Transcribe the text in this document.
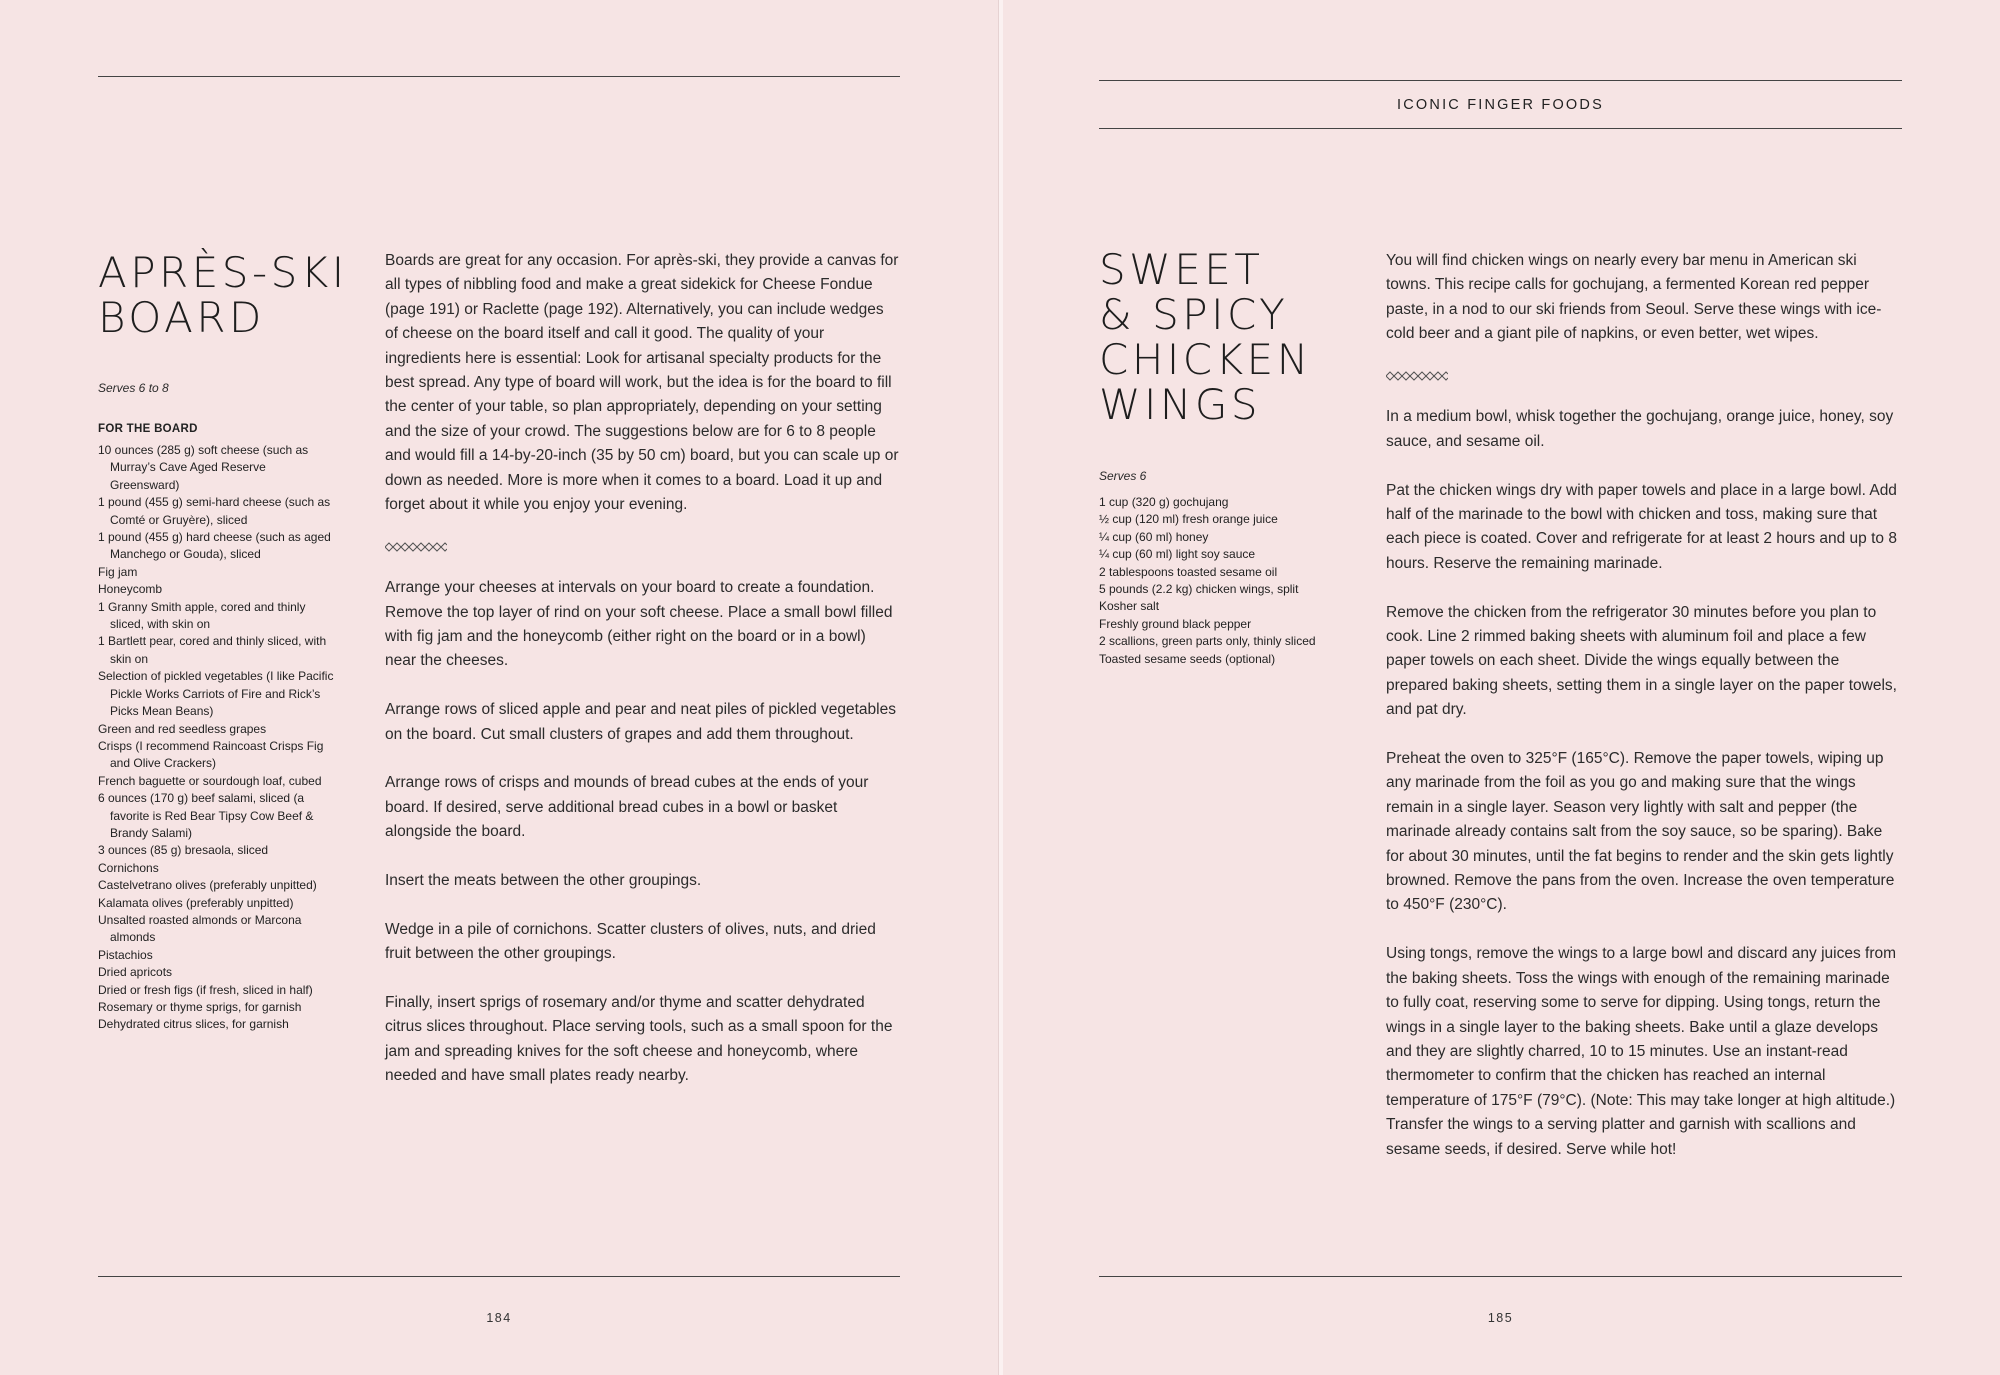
APRÈS-SKI
BOARD
Serves 6 to 8
FOR THE BOARD
10 ounces (285 g) soft cheese (such as Murray’s Cave Aged Reserve Greensward)
1 pound (455 g) semi-hard cheese (such as Comté or Gruyère), sliced
1 pound (455 g) hard cheese (such as aged Manchego or Gouda), sliced
Fig jam
Honeycomb
1 Granny Smith apple, cored and thinly sliced, with skin on
1 Bartlett pear, cored and thinly sliced, with skin on
Selection of pickled vegetables (I like Pacific Pickle Works Carriots of Fire and Rick’s Picks Mean Beans)
Green and red seedless grapes
Crisps (I recommend Raincoast Crisps Fig and Olive Crackers)
French baguette or sourdough loaf, cubed
6 ounces (170 g) beef salami, sliced (a favorite is Red Bear Tipsy Cow Beef & Brandy Salami)
3 ounces (85 g) bresaola, sliced
Cornichons
Castelvetrano olives (preferably unpitted)
Kalamata olives (preferably unpitted)
Unsalted roasted almonds or Marcona almonds
Pistachios
Dried apricots
Dried or fresh figs (if fresh, sliced in half)
Rosemary or thyme sprigs, for garnish
Dehydrated citrus slices, for garnish

Boards are great for any occasion. For après-ski, they provide a canvas for all types of nibbling food and make a great sidekick for Cheese Fondue (page 191) or Raclette (page 192). Alternatively, you can include wedges of cheese on the board itself and call it good. The quality of your ingredients here is essential: Look for artisanal specialty products for the best spread. Any type of board will work, but the idea is for the board to fill the center of your table, so plan appropriately, depending on your setting and the size of your crowd. The suggestions below are for 6 to 8 people and would fill a 14-by-20-inch (35 by 50 cm) board, but you can scale up or down as needed. More is more when it comes to a board. Load it up and forget about it while you enjoy your evening.

Arrange your cheeses at intervals on your board to create a foundation. Remove the top layer of rind on your soft cheese. Place a small bowl filled with fig jam and the honeycomb (either right on the board or in a bowl) near the cheeses.

Arrange rows of sliced apple and pear and neat piles of pickled vegetables on the board. Cut small clusters of grapes and add them throughout.

Arrange rows of crisps and mounds of bread cubes at the ends of your board. If desired, serve additional bread cubes in a bowl or basket alongside the board.

Insert the meats between the other groupings.

Wedge in a pile of cornichons. Scatter clusters of olives, nuts, and dried fruit between the other groupings.

Finally, insert sprigs of rosemary and/or thyme and scatter dehydrated citrus slices throughout. Place serving tools, such as a small spoon for the jam and spreading knives for the soft cheese and honeycomb, where needed and have small plates ready nearby.

184
ICONIC FINGER FOODS
SWEET
& SPICY
CHICKEN
WINGS
Serves 6
1 cup (320 g) gochujang
½ cup (120 ml) fresh orange juice
¼ cup (60 ml) honey
¼ cup (60 ml) light soy sauce
2 tablespoons toasted sesame oil
5 pounds (2.2 kg) chicken wings, split
Kosher salt
Freshly ground black pepper
2 scallions, green parts only, thinly sliced
Toasted sesame seeds (optional)

You will find chicken wings on nearly every bar menu in American ski towns. This recipe calls for gochujang, a fermented Korean red pepper paste, in a nod to our ski friends from Seoul. Serve these wings with ice-cold beer and a giant pile of napkins, or even better, wet wipes.

In a medium bowl, whisk together the gochujang, orange juice, honey, soy sauce, and sesame oil.

Pat the chicken wings dry with paper towels and place in a large bowl. Add half of the marinade to the bowl with chicken and toss, making sure that each piece is coated. Cover and refrigerate for at least 2 hours and up to 8 hours. Reserve the remaining marinade.

Remove the chicken from the refrigerator 30 minutes before you plan to cook. Line 2 rimmed baking sheets with aluminum foil and place a few paper towels on each sheet. Divide the wings equally between the prepared baking sheets, setting them in a single layer on the paper towels, and pat dry.

Preheat the oven to 325°F (165°C). Remove the paper towels, wiping up any marinade from the foil as you go and making sure that the wings remain in a single layer. Season very lightly with salt and pepper (the marinade already contains salt from the soy sauce, so be sparing). Bake for about 30 minutes, until the fat begins to render and the skin gets lightly browned. Remove the pans from the oven. Increase the oven temperature to 450°F (230°C).

Using tongs, remove the wings to a large bowl and discard any juices from the baking sheets. Toss the wings with enough of the remaining marinade to fully coat, reserving some to serve for dipping. Using tongs, return the wings in a single layer to the baking sheets. Bake until a glaze develops and they are slightly charred, 10 to 15 minutes. Use an instant-read thermometer to confirm that the chicken has reached an internal temperature of 175°F (79°C). (Note: This may take longer at high altitude.) Transfer the wings to a serving platter and garnish with scallions and sesame seeds, if desired. Serve while hot!

185
